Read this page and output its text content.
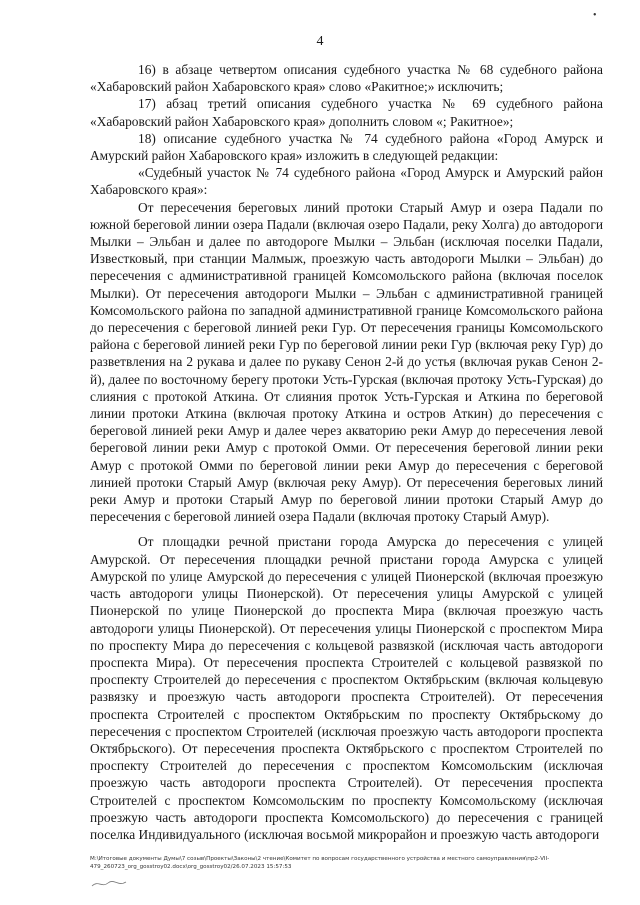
•
4

16) в абзаце четвертом описания судебного участка № 68 судебного района «Хабаровский район Хабаровского края» слово «Ракитное;» исключить;

17) абзац третий описания судебного участка № 69 судебного района «Хабаровский район Хабаровского края» дополнить словом «; Ракитное»;

18) описание судебного участка № 74 судебного района «Город Амурск и Амурский район Хабаровского края» изложить в следующей редакции:

«Судебный участок № 74 судебного района «Город Амурск и Амурский район Хабаровского края»:

От пересечения береговых линий протоки Старый Амур и озера Падали по южной береговой линии озера Падали (включая озеро Падали, реку Холга) до автодороги Мылки – Эльбан и далее по автодороге Мылки – Эльбан (исключая поселки Падали, Известковый, при станции Малмыж, проезжую часть автодороги Мылки – Эльбан) до пересечения с административной границей Комсомольского района (включая поселок Мылки). От пересечения автодороги Мылки – Эльбан с административной границей Комсомольского района по западной административной границе Комсомольского района до пересечения с береговой линией реки Гур. От пересечения границы Комсомольского района с береговой линией реки Гур по береговой линии реки Гур (включая реку Гур) до разветвления на 2 рукава и далее по рукаву Сенон 2-й до устья (включая рукав Сенон 2-й), далее по восточному берегу протоки Усть-Гурская (включая протоку Усть-Гурская) до слияния с протокой Аткина. От слияния проток Усть-Гурская и Аткина по береговой линии протоки Аткина (включая протоку Аткина и остров Аткин) до пересечения с береговой линией реки Амур и далее через акваторию реки Амур до пересечения левой береговой линии реки Амур с протокой Омми. От пересечения береговой линии реки Амур с протокой Омми по береговой линии реки Амур до пересечения с береговой линией протоки Старый Амур (включая реку Амур). От пересечения береговых линий реки Амур и протоки Старый Амур по береговой линии протоки Старый Амур до пересечения с береговой линией озера Падали (включая протоку Старый Амур).

От площадки речной пристани города Амурска до пересечения с улицей Амурской. От пересечения площадки речной пристани города Амурска с улицей Амурской по улице Амурской до пересечения с улицей Пионерской (включая проезжую часть автодороги улицы Пионерской). От пересечения улицы Амурской с улицей Пионерской по улице Пионерской до проспекта Мира (включая проезжую часть автодороги улицы Пионерской). От пересечения улицы Пионерской с проспектом Мира по проспекту Мира до пересечения с кольцевой развязкой (исключая часть автодороги проспекта Мира). От пересечения проспекта Строителей с кольцевой развязкой по проспекту Строителей до пересечения с проспектом Октябрьским (включая кольцевую развязку и проезжую часть автодороги проспекта Строителей). От пересечения проспекта Строителей с проспектом Октябрьским по проспекту Октябрьскому до пересечения с проспектом Строителей (исключая проезжую часть автодороги проспекта Октябрьского). От пересечения проспекта Октябрьского с проспектом Строителей по проспекту Строителей до пересечения с проспектом Комсомольским (исключая проезжую часть автодороги проспекта Строителей). От пересечения проспекта Строителей с проспектом Комсомольским по проспекту Комсомольскому (исключая проезжую часть автодороги проспекта Комсомольского) до пересечения с границей поселка Индивидуального (исключая восьмой микрорайон и проезжую часть автодороги

M:\Итоговые документы Думы\7 созыв\Проекты\Законы\2 чтение\Комитет по вопросам государственного устройства и местного самоуправления\пр2-VII-
479_260723_org_gosstroy02.docx\org_gosstroy02/26.07.2023 15:57:53
